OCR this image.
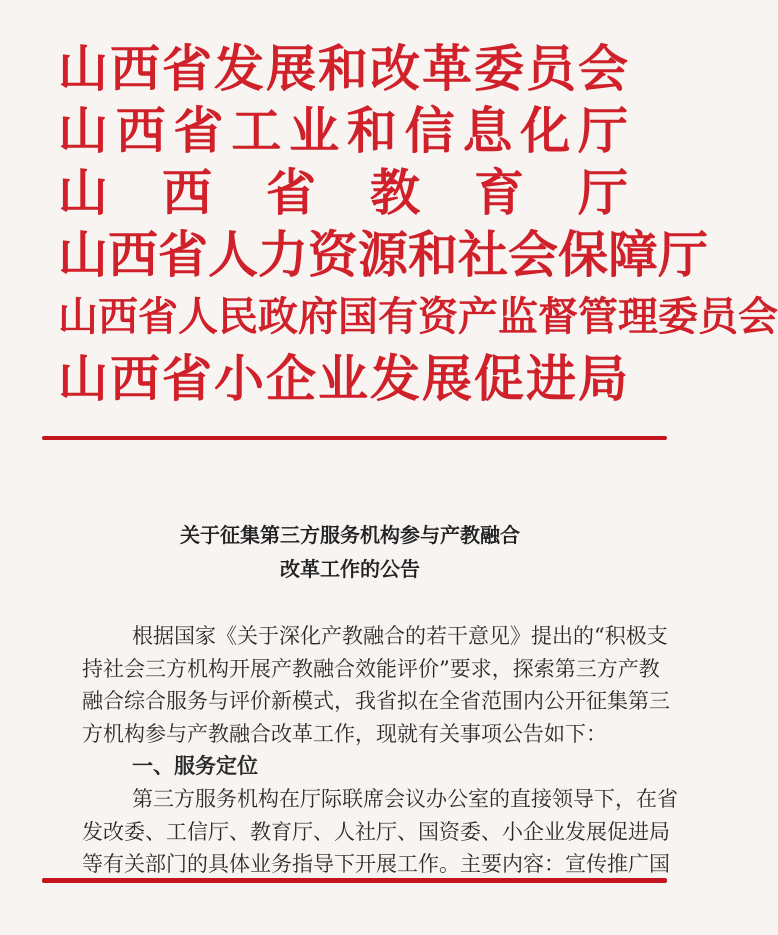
山西省发展和改革委员会
山西省工业和信息化厅
山　西　省　教　育　厅
山西省人力资源和社会保障厅
山西省人民政府国有资产监督管理委员会
山西省小企业发展促进局
关于征集第三方服务机构参与产教融合
改革工作的公告
根据国家《关于深化产教融合的若干意见》提出的“积极支
持社会三方机构开展产教融合效能评价”要求，探索第三方产教
融合综合服务与评价新模式，我省拟在全省范围内公开征集第三
方机构参与产教融合改革工作，现就有关事项公告如下：
一、服务定位
第三方服务机构在厅际联席会议办公室的直接领导下，在省
发改委、工信厅、教育厅、人社厅、国资委、小企业发展促进局
等有关部门的具体业务指导下开展工作。主要内容：宣传推广国
